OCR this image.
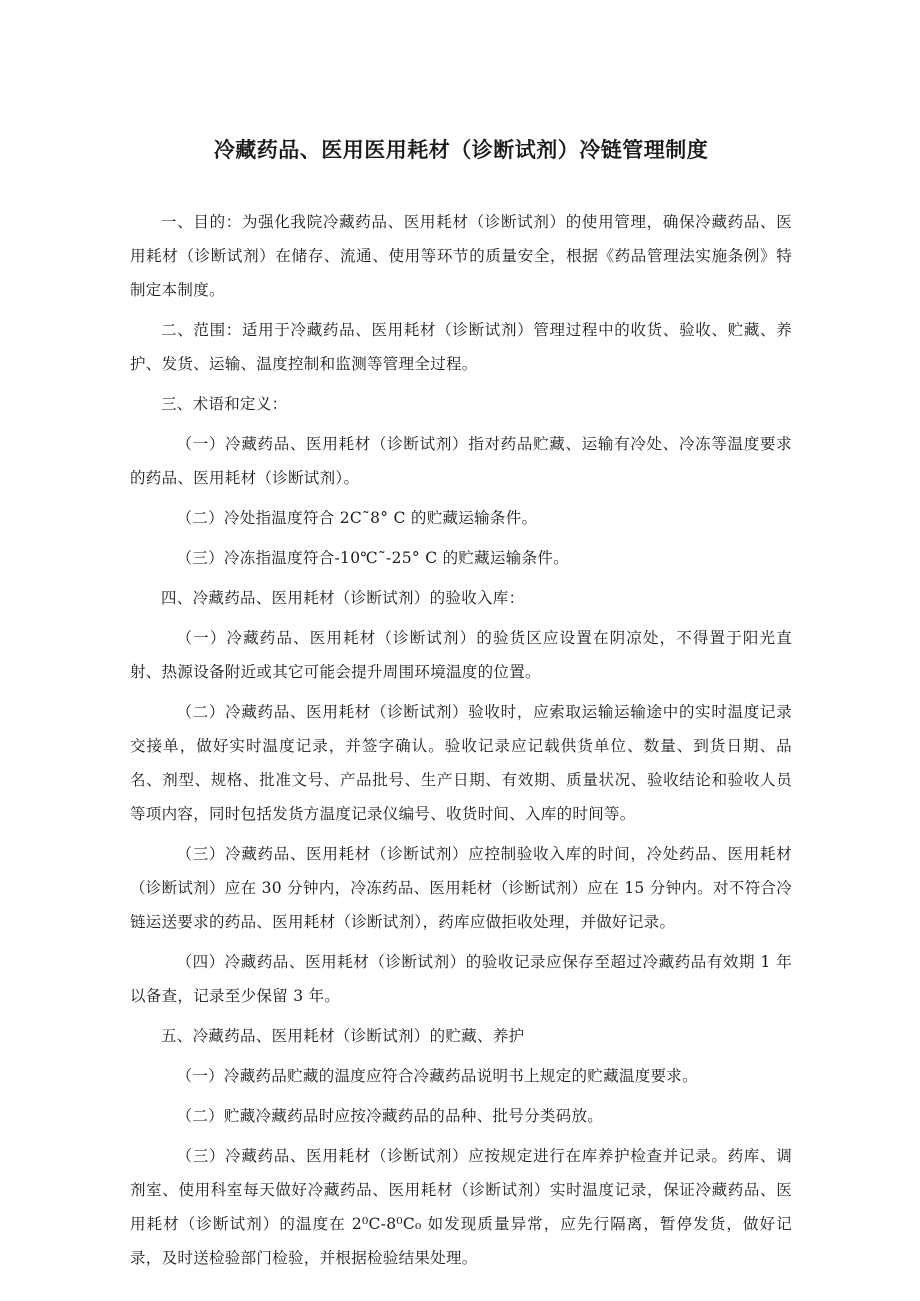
冷藏药品、医用医用耗材（诊断试剂）冷链管理制度

一、目的：为强化我院冷藏药品、医用耗材（诊断试剂）的使用管理，确保冷藏药品、医用耗材（诊断试剂）在储存、流通、使用等环节的质量安全，根据《药品管理法实施条例》特制定本制度。

二、范围：适用于冷藏药品、医用耗材（诊断试剂）管理过程中的收货、验收、贮藏、养护、发货、运输、温度控制和监测等管理全过程。

三、术语和定义：

（一）冷藏药品、医用耗材（诊断试剂）指对药品贮藏、运输有冷处、冷冻等温度要求的药品、医用耗材（诊断试剂）。

（二）冷处指温度符合 2C˜8° C 的贮藏运输条件。

（三）冷冻指温度符合-10℃˜-25° C 的贮藏运输条件。

四、冷藏药品、医用耗材（诊断试剂）的验收入库：

（一）冷藏药品、医用耗材（诊断试剂）的验货区应设置在阴凉处，不得置于阳光直射、热源设备附近或其它可能会提升周围环境温度的位置。

（二）冷藏药品、医用耗材（诊断试剂）验收时，应索取运输运输途中的实时温度记录交接单，做好实时温度记录，并签字确认。验收记录应记载供货单位、数量、到货日期、品名、剂型、规格、批准文号、产品批号、生产日期、有效期、质量状况、验收结论和验收人员等项内容，同时包括发货方温度记录仪编号、收货时间、入库的时间等。

（三）冷藏药品、医用耗材（诊断试剂）应控制验收入库的时间，冷处药品、医用耗材（诊断试剂）应在 30 分钟内，冷冻药品、医用耗材（诊断试剂）应在 15 分钟内。对不符合冷链运送要求的药品、医用耗材（诊断试剂），药库应做拒收处理，并做好记录。

（四）冷藏药品、医用耗材（诊断试剂）的验收记录应保存至超过冷藏药品有效期 1 年以备查，记录至少保留 3 年。

五、冷藏药品、医用耗材（诊断试剂）的贮藏、养护

（一）冷藏药品贮藏的温度应符合冷藏药品说明书上规定的贮藏温度要求。

（二）贮藏冷藏药品时应按冷藏药品的品种、批号分类码放。

（三）冷藏药品、医用耗材（诊断试剂）应按规定进行在库养护检查并记录。药库、调剂室、使用科室每天做好冷藏药品、医用耗材（诊断试剂）实时温度记录，保证冷藏药品、医用耗材（诊断试剂）的温度在 2⁰C-8⁰C₀ 如发现质量异常，应先行隔离，暂停发货，做好记录，及时送检验部门检验，并根据检验结果处理。
